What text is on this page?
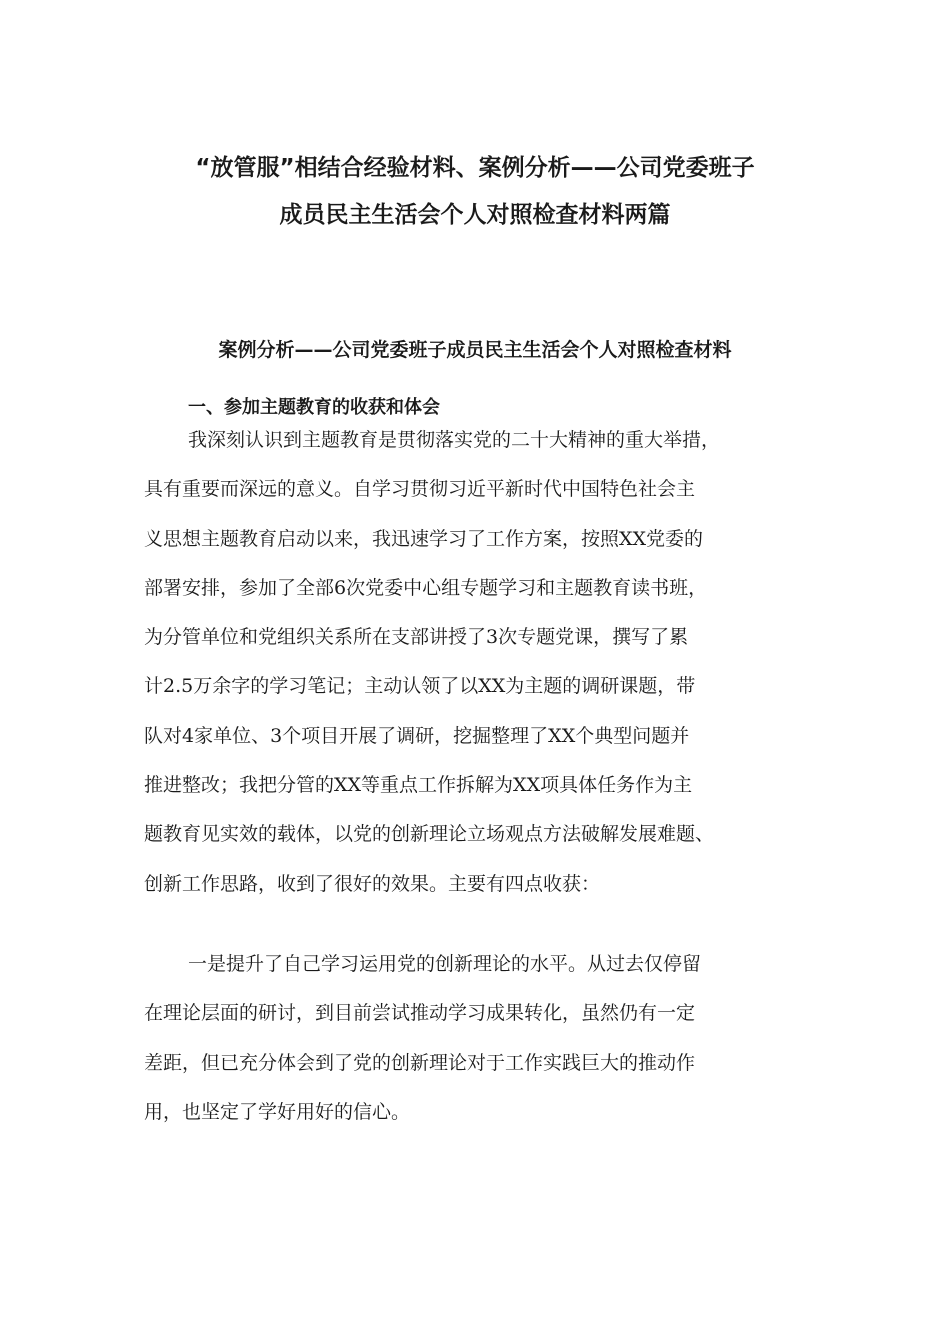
“放管服”相结合经验材料、案例分析——公司党委班子
成员民主生活会个人对照检查材料两篇
案例分析——公司党委班子成员民主生活会个人对照检查材料
一、参加主题教育的收获和体会

我深刻认识到主题教育是贯彻落实党的二十大精神的重大举措，
具有重要而深远的意义。自学习贯彻习近平新时代中国特色社会主
义思想主题教育启动以来，我迅速学习了工作方案，按照XX党委的
部署安排，参加了全部6次党委中心组专题学习和主题教育读书班，
为分管单位和党组织关系所在支部讲授了3次专题党课，撰写了累
计2.5万余字的学习笔记；主动认领了以XX为主题的调研课题，带
队对4家单位、3个项目开展了调研，挖掘整理了XX个典型问题并
推进整改；我把分管的XX等重点工作拆解为XX项具体任务作为主
题教育见实效的载体，以党的创新理论立场观点方法破解发展难题、
创新工作思路，收到了很好的效果。主要有四点收获：

一是提升了自己学习运用党的创新理论的水平。从过去仅停留
在理论层面的研讨，到目前尝试推动学习成果转化，虽然仍有一定
差距，但已充分体会到了党的创新理论对于工作实践巨大的推动作
用，也坚定了学好用好的信心。
